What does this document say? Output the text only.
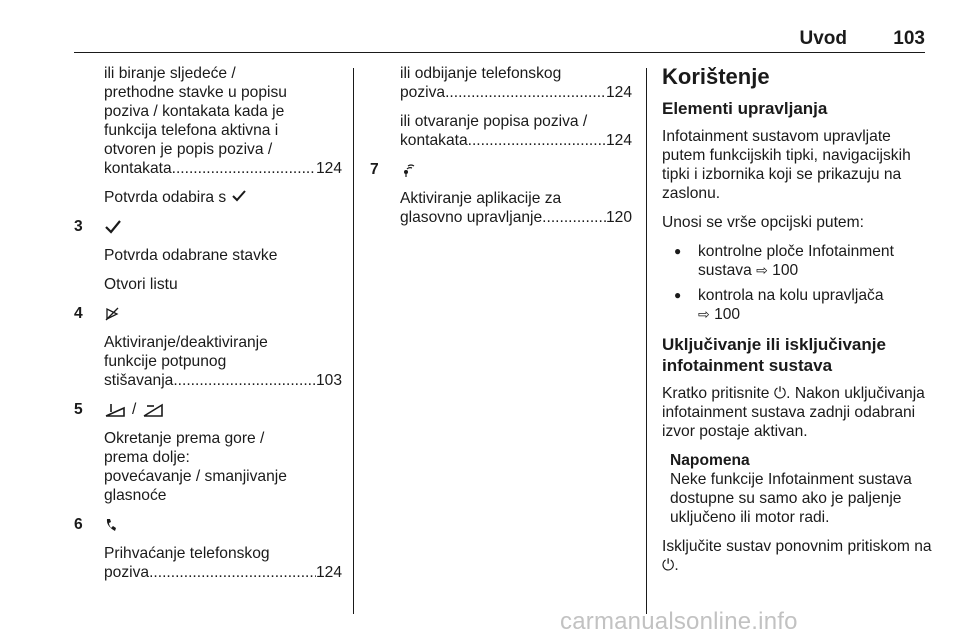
Uvod 103
ili biranje sljedeće /
prethodne stavke u popisu
poziva / kontakata kada je
funkcija telefona aktivna i
otvoren je popis poziva /
kontakata .....	124

Potvrda odabira s

3

Potvrda odabrane stavke

Otvori listu

4
Aktiviranje/deaktiviranje
funkcije potpunog
stišavanja .....	103
5	/
Okretanje prema gore /
prema dolje:
povećavanje / smanjivanje
glasnoće
6
Prihvaćanje telefonskog
poziva .....	124
ili odbijanje telefonskog
poziva .....	124
ili otvaranje popisa poziva /
kontakata .....	124
7
Aktiviranje aplikacije za
glasovno upravljanje .....	120
Korištenje
Elementi upravljanja

Infotainment sustavom upravljate putem funkcijskih tipki, navigacijskih tipki i izbornika koji se prikazuju na zaslonu.

Unosi se vrše opcijski putem:

● kontrolne ploče Infotainment sustava ⇨ 100
● kontrola na kolu upravljača
⇨ 100
Uključivanje ili isključivanje infotainment sustava

Kratko pritisnite ⏻. Nakon uključivanja infotainment sustava zadnji odabrani izvor postaje aktivan.

Napomena
Neke funkcije Infotainment sustava dostupne su samo ako je paljenje uključeno ili motor radi.

Isključite sustav ponovnim pritiskom na ⏻.

carmanualsonline.info
